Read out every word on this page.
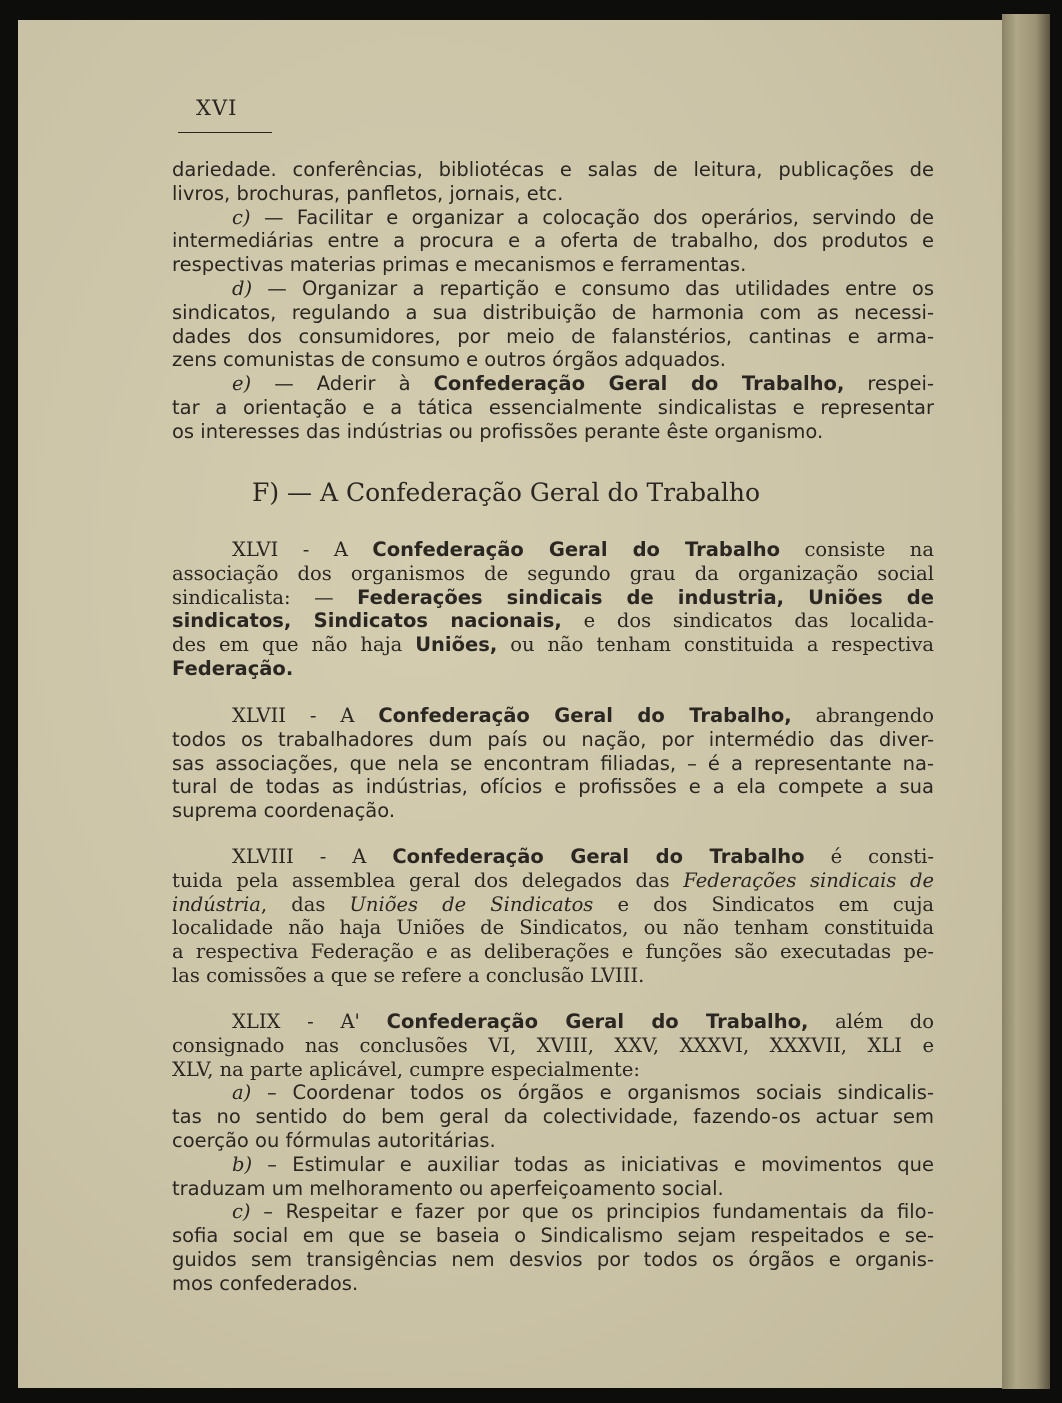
XVI
dariedade. conferências, bibliotécas e salas de leitura, publicações de
livros, brochuras, panfletos, jornais, etc.
c) — Facilitar e organizar a colocação dos operários, servindo de
intermediárias entre a procura e a oferta de trabalho, dos produtos e
respectivas materias primas e mecanismos e ferramentas.
d) — Organizar a repartição e consumo das utilidades entre os
sindicatos, regulando a sua distribuição de harmonia com as necessi-
dades dos consumidores, por meio de falanstérios, cantinas e arma-
zens comunistas de consumo e outros órgãos adquados.
e) — Aderir à Confederação Geral do Trabalho, respei-
tar a orientação e a tática essencialmente sindicalistas e representar
os interesses das indústrias ou profissões perante êste organismo.
F) — A Confederação Geral do Trabalho
XLVI - A Confederação Geral do Trabalho consiste na
associação dos organismos de segundo grau da organização social
sindicalista: — Federações sindicais de industria, Uniões de
sindicatos, Sindicatos nacionais, e dos sindicatos das localida-
des em que não haja Uniões, ou não tenham constituida a respectiva
Federação.
XLVII - A Confederação Geral do Trabalho, abrangendo
todos os trabalhadores dum país ou nação, por intermédio das diver-
sas associações, que nela se encontram filiadas, – é a representante na-
tural de todas as indústrias, ofícios e profissões e a ela compete a sua
suprema coordenação.
XLVIII - A Confederação Geral do Trabalho é consti-
tuida pela assemblea geral dos delegados das Federações sindicais de
indústria, das Uniões de Sindicatos e dos Sindicatos em cuja
localidade não haja Uniões de Sindicatos, ou não tenham constituida
a respectiva Federação e as deliberações e funções são executadas pe-
las comissões a que se refere a conclusão LVIII.
XLIX - A' Confederação Geral do Trabalho, além do
consignado nas conclusões VI, XVIII, XXV, XXXVI, XXXVII, XLI e
XLV, na parte aplicável, cumpre especialmente:
a) – Coordenar todos os órgãos e organismos sociais sindicalis-
tas no sentido do bem geral da colectividade, fazendo-os actuar sem
coerção ou fórmulas autoritárias.
b) – Estimular e auxiliar todas as iniciativas e movimentos que
traduzam um melhoramento ou aperfeiçoamento social.
c) – Respeitar e fazer por que os principios fundamentais da filo-
sofia social em que se baseia o Sindicalismo sejam respeitados e se-
guidos sem transigências nem desvios por todos os órgãos e organis-
mos confederados.
